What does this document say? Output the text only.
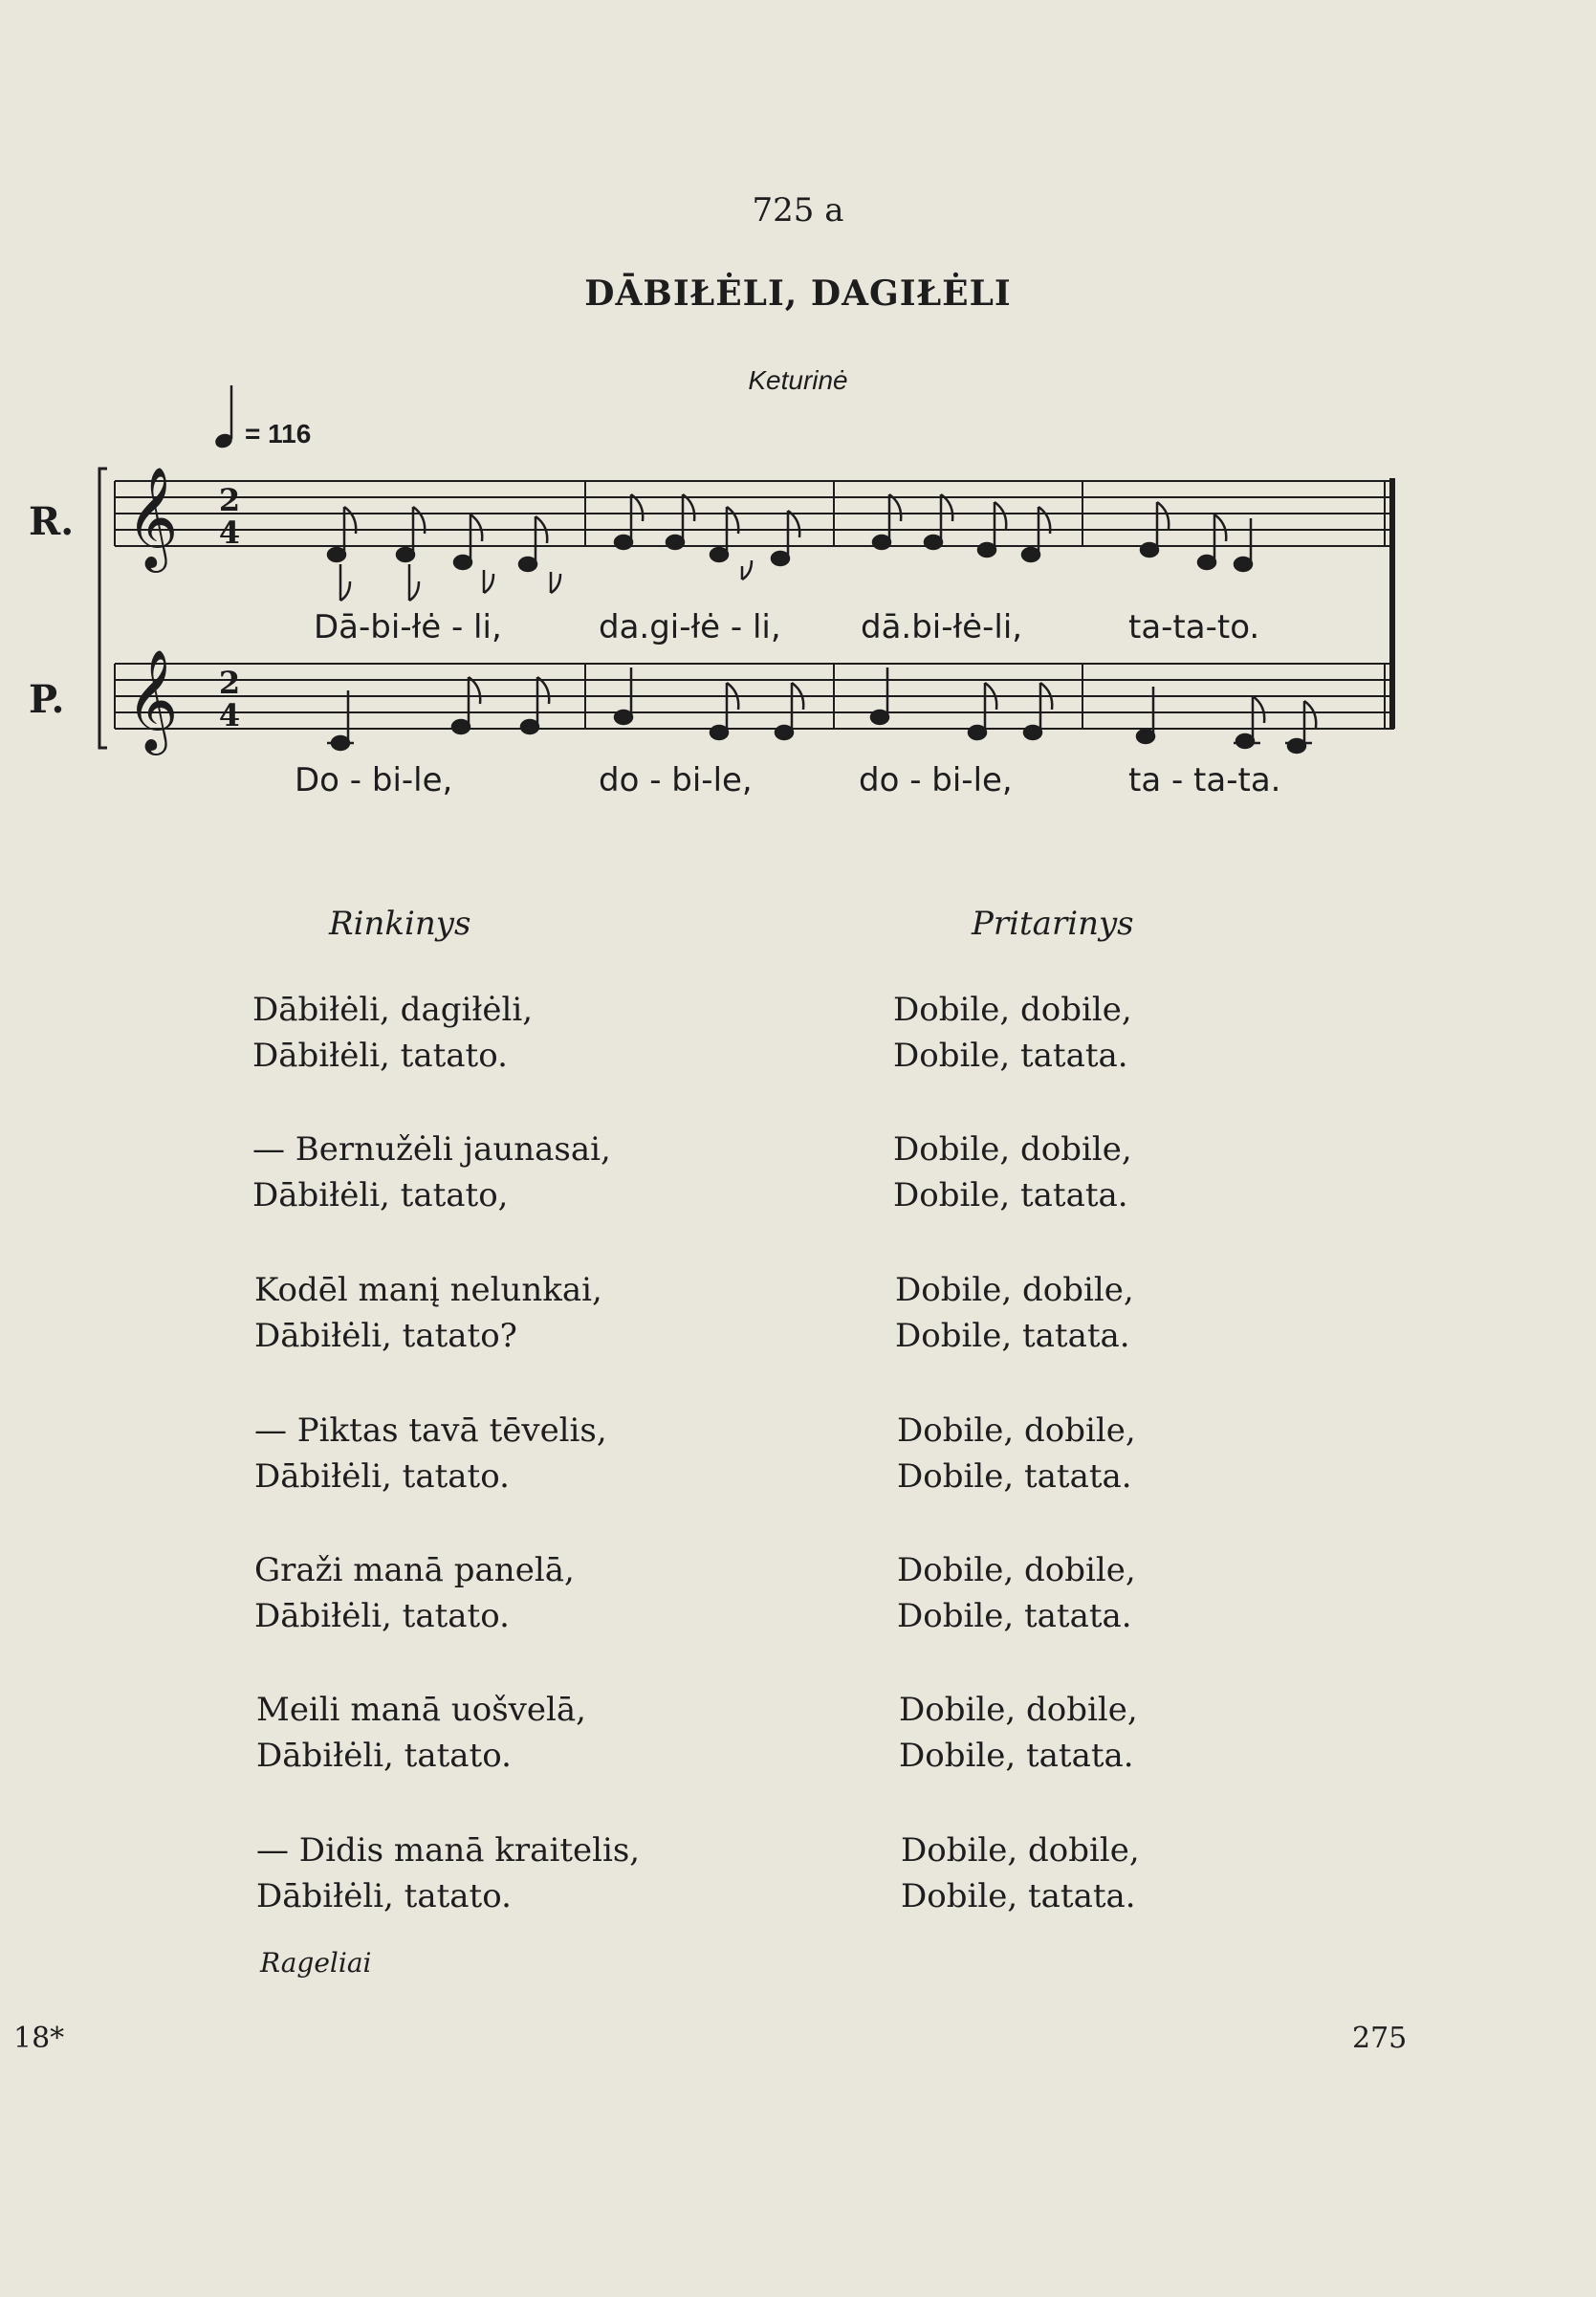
725 a
DĀBIŁĖLI, DAGIŁĖLI
Keturinė
𝄞
𝄞
2
4
2
4
= 116
R.
P.
Dā-bi-łė - li,	da.gi-łė - li, dā.bi-łė-li,	ta-ta-to.
Do - bi-le,	do - bi-le,	do - bi-le,	ta - ta-ta.
Rinkinys	Pritarinys
Dābiłėli, dagiłėli,
Dābiłėli, tatato.
Dobile, dobile,
Dobile, tatata.
— Bernužėli jaunasai,
Dābiłėli, tatato,
Dobile, dobile,
Dobile, tatata.
Kodēl manį nelunkai,
Dābiłėli, tatato?
Dobile, dobile,
Dobile, tatata.
— Piktas tavā tēvelis,
Dābiłėli, tatato.
Dobile, dobile,
Dobile, tatata.
Graži manā panelā,
Dābiłėli, tatato.
Dobile, dobile,
Dobile, tatata.
Meili manā uošvelā,
Dābiłėli, tatato.
Dobile, dobile,
Dobile, tatata.
— Didis manā kraitelis,
Dābiłėli, tatato.
Dobile, dobile,
Dobile, tatata.
Rageliai
18*	275
